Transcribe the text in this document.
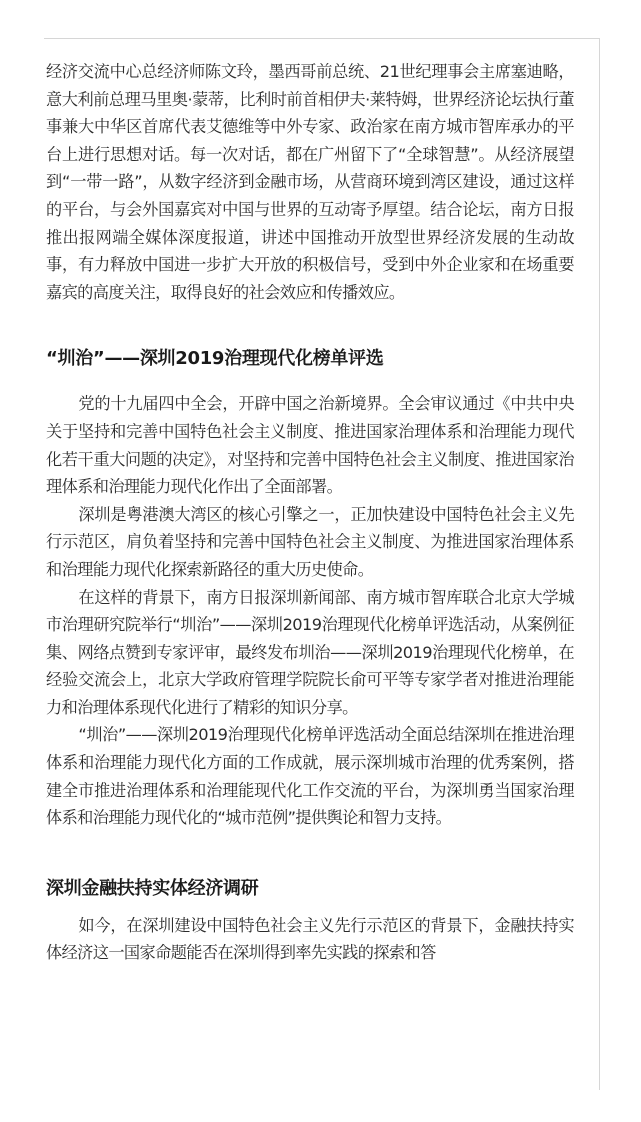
经济交流中心总经济师陈文玲，墨西哥前总统、21世纪理事会主席塞迪略，意大利前总理马里奥·蒙蒂，比利时前首相伊夫·莱特姆，世界经济论坛执行董事兼大中华区首席代表艾德维等中外专家、政治家在南方城市智库承办的平台上进行思想对话。每一次对话，都在广州留下了“全球智慧”。从经济展望到“一带一路”，从数字经济到金融市场，从营商环境到湾区建设，通过这样的平台，与会外国嘉宾对中国与世界的互动寄予厚望。结合论坛，南方日报推出报网端全媒体深度报道，讲述中国推动开放型世界经济发展的生动故事，有力释放中国进一步扩大开放的积极信号，受到中外企业家和在场重要嘉宾的高度关注，取得良好的社会效应和传播效应。

“圳治”——深圳2019治理现代化榜单评选

党的十九届四中全会，开辟中国之治新境界。全会审议通过《中共中央关于坚持和完善中国特色社会主义制度、推进国家治理体系和治理能力现代化若干重大问题的决定》，对坚持和完善中国特色社会主义制度、推进国家治理体系和治理能力现代化作出了全面部署。

深圳是粤港澳大湾区的核心引擎之一，正加快建设中国特色社会主义先行示范区，肩负着坚持和完善中国特色社会主义制度、为推进国家治理体系和治理能力现代化探索新路径的重大历史使命。

在这样的背景下，南方日报深圳新闻部、南方城市智库联合北京大学城市治理研究院举行“圳治”——深圳2019治理现代化榜单评选活动，从案例征集、网络点赞到专家评审，最终发布圳治——深圳2019治理现代化榜单，在经验交流会上，北京大学政府管理学院院长俞可平等专家学者对推进治理能力和治理体系现代化进行了精彩的知识分享。

“圳治”——深圳2019治理现代化榜单评选活动全面总结深圳在推进治理体系和治理能力现代化方面的工作成就，展示深圳城市治理的优秀案例，搭建全市推进治理体系和治理能现代化工作交流的平台，为深圳勇当国家治理体系和治理能力现代化的“城市范例”提供舆论和智力支持。

深圳金融扶持实体经济调研

如今，在深圳建设中国特色社会主义先行示范区的背景下，金融扶持实体经济这一国家命题能否在深圳得到率先实践的探索和答
